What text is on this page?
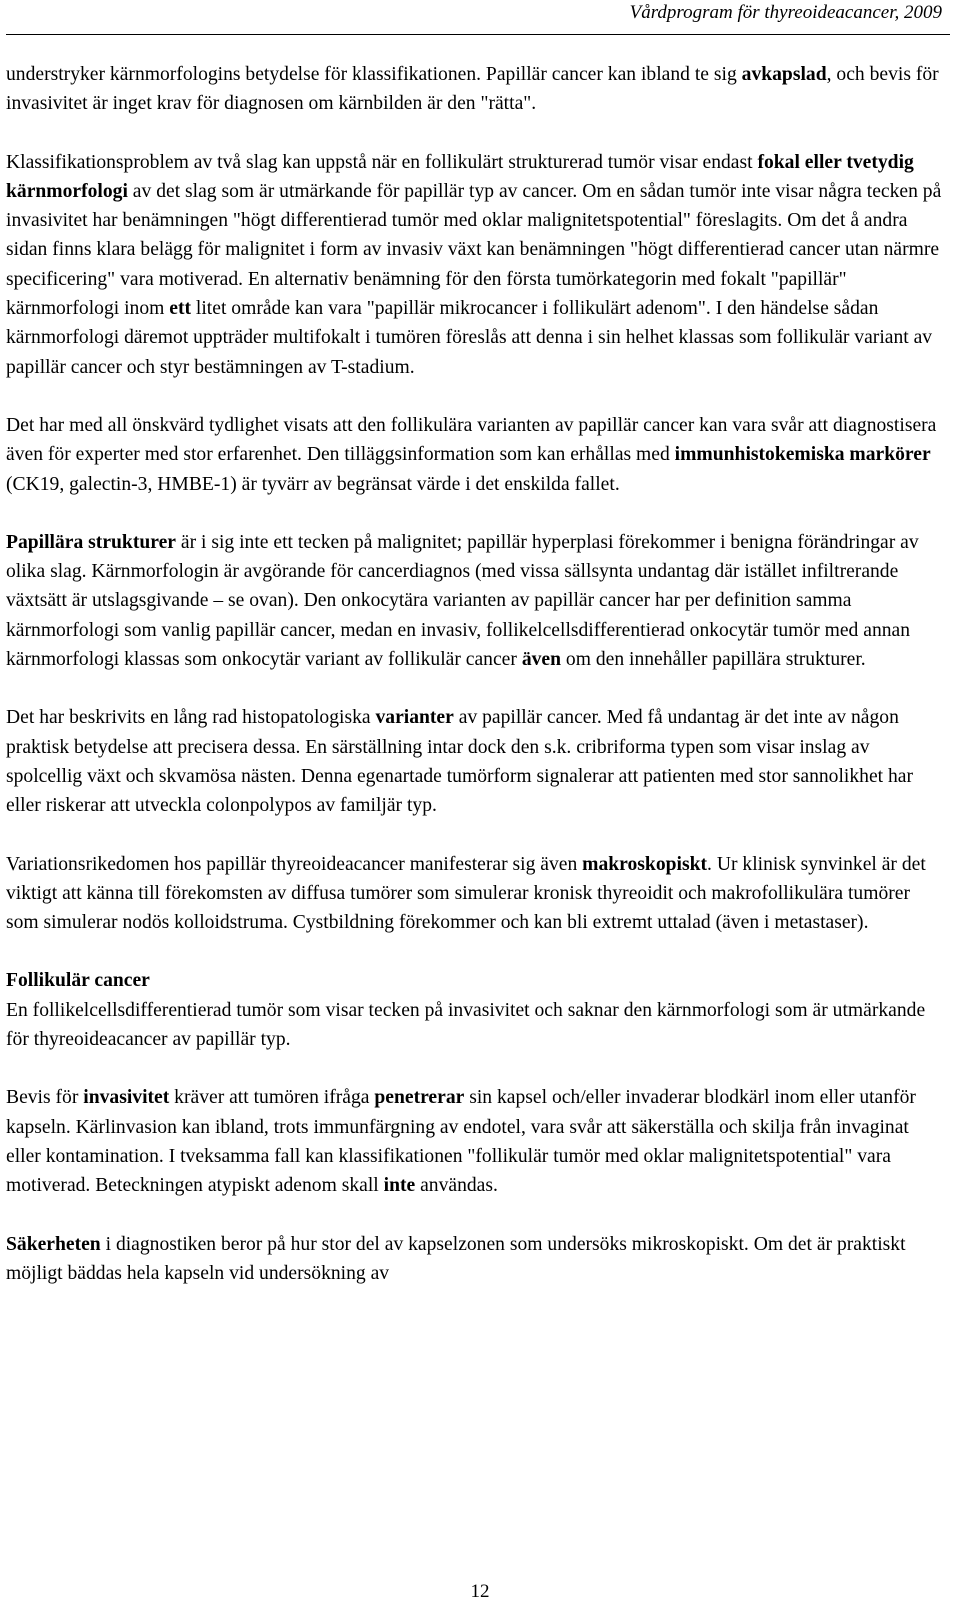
Vårdprogram för thyreoideacancer, 2009

understryker kärnmorfologins betydelse för klassifikationen. Papillär cancer kan ibland te sig avkapslad, och bevis för invasivitet är inget krav för diagnosen om kärnbilden är den "rätta".

Klassifikationsproblem av två slag kan uppstå när en follikulärt strukturerad tumör visar endast fokal eller tvetydig kärnmorfologi av det slag som är utmärkande för papillär typ av cancer. Om en sådan tumör inte visar några tecken på invasivitet har benämningen "högt differentierad tumör med oklar malignitetspotential" föreslagits. Om det å andra sidan finns klara belägg för malignitet i form av invasiv växt kan benämningen "högt differentierad cancer utan närmre specificering" vara motiverad. En alternativ benämning för den första tumörkategorin med fokalt "papillär" kärnmorfologi inom ett litet område kan vara "papillär mikrocancer i follikulärt adenom". I den händelse sådan kärnmorfologi däremot uppträder multifokalt i tumören föreslås att denna i sin helhet klassas som follikulär variant av papillär cancer och styr bestämningen av T-stadium.

Det har med all önskvärd tydlighet visats att den follikulära varianten av papillär cancer kan vara svår att diagnostisera även för experter med stor erfarenhet. Den tilläggsinformation som kan erhållas med immunhistokemiska markörer (CK19, galectin-3, HMBE-1) är tyvärr av begränsat värde i det enskilda fallet.

Papillära strukturer är i sig inte ett tecken på malignitet; papillär hyperplasi förekommer i benigna förändringar av olika slag. Kärnmorfologin är avgörande för cancerdiagnos (med vissa sällsynta undantag där istället infiltrerande växtsätt är utslagsgivande – se ovan). Den onkocytära varianten av papillär cancer har per definition samma kärnmorfologi som vanlig papillär cancer, medan en invasiv, follikelcellsdifferentierad onkocytär tumör med annan kärnmorfologi klassas som onkocytär variant av follikulär cancer även om den innehåller papillära strukturer.

Det har beskrivits en lång rad histopatologiska varianter av papillär cancer. Med få undantag är det inte av någon praktisk betydelse att precisera dessa. En särställning intar dock den s.k. cribriforma typen som visar inslag av spolcellig växt och skvamösa nästen. Denna egenartade tumörform signalerar att patienten med stor sannolikhet har eller riskerar att utveckla colonpolypos av familjär typ.

Variationsrikedomen hos papillär thyreoideacancer manifesterar sig även makroskopiskt. Ur klinisk synvinkel är det viktigt att känna till förekomsten av diffusa tumörer som simulerar kronisk thyreoidit och makrofollikulära tumörer som simulerar nodös kolloidstruma. Cystbildning förekommer och kan bli extremt uttalad (även i metastaser).

Follikulär cancer

En follikelcellsdifferentierad tumör som visar tecken på invasivitet och saknar den kärnmorfologi som är utmärkande för thyreoideacancer av papillär typ.

Bevis för invasivitet kräver att tumören ifråga penetrerar sin kapsel och/eller invaderar blodkärl inom eller utanför kapseln. Kärlinvasion kan ibland, trots immunfärgning av endotel, vara svår att säkerställa och skilja från invaginat eller kontamination. I tveksamma fall kan klassifikationen "follikulär tumör med oklar malignitetspotential" vara motiverad. Beteckningen atypiskt adenom skall inte användas.

Säkerheten i diagnostiken beror på hur stor del av kapselzonen som undersöks mikroskopiskt. Om det är praktiskt möjligt bäddas hela kapseln vid undersökning av

12
